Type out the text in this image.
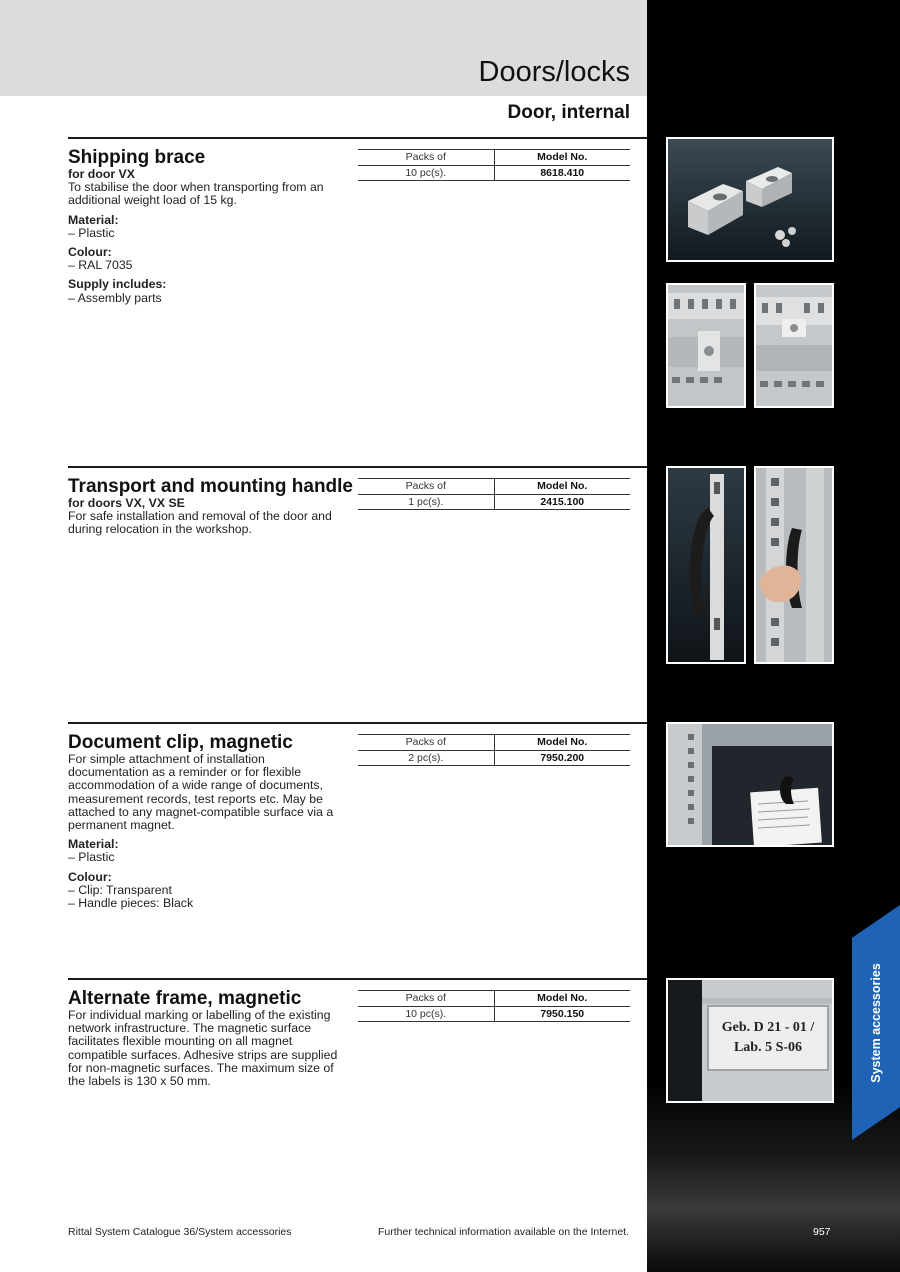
Doors/locks
Door, internal
System accessories
Shipping brace
for door VX
To stabilise the door when transporting from an additional weight load of 15 kg.
Material:
– Plastic
Colour:
– RAL 7035
Supply includes:
– Assembly parts
Packs of	Model No.
10 pc(s).	8618.410
Transport and mounting handle
for doors VX, VX SE
For safe installation and removal of the door and during relocation in the workshop.
Packs of	Model No.
1 pc(s).	2415.100
Document clip, magnetic
For simple attachment of installation documentation as a reminder or for flexible accommodation of a wide range of documents, measurement records, test reports etc. May be attached to any magnet-compatible surface via a permanent magnet.
Material:
– Plastic
Colour:
– Clip: Transparent
– Handle pieces: Black
Packs of	Model No.
2 pc(s).	7950.200
Alternate frame, magnetic
For individual marking or labelling of the existing network infrastructure. The magnetic surface facilitates flexible mounting on all magnet compatible surfaces. Adhesive strips are supplied for non-magnetic surfaces. The maximum size of the labels is 130 x 50 mm.
Packs of	Model No.
10 pc(s).	7950.150
Geb. D 21 - 01 /
Lab. 5 S-06
Rittal System Catalogue 36/System accessories	Further technical information available on the Internet.	957
